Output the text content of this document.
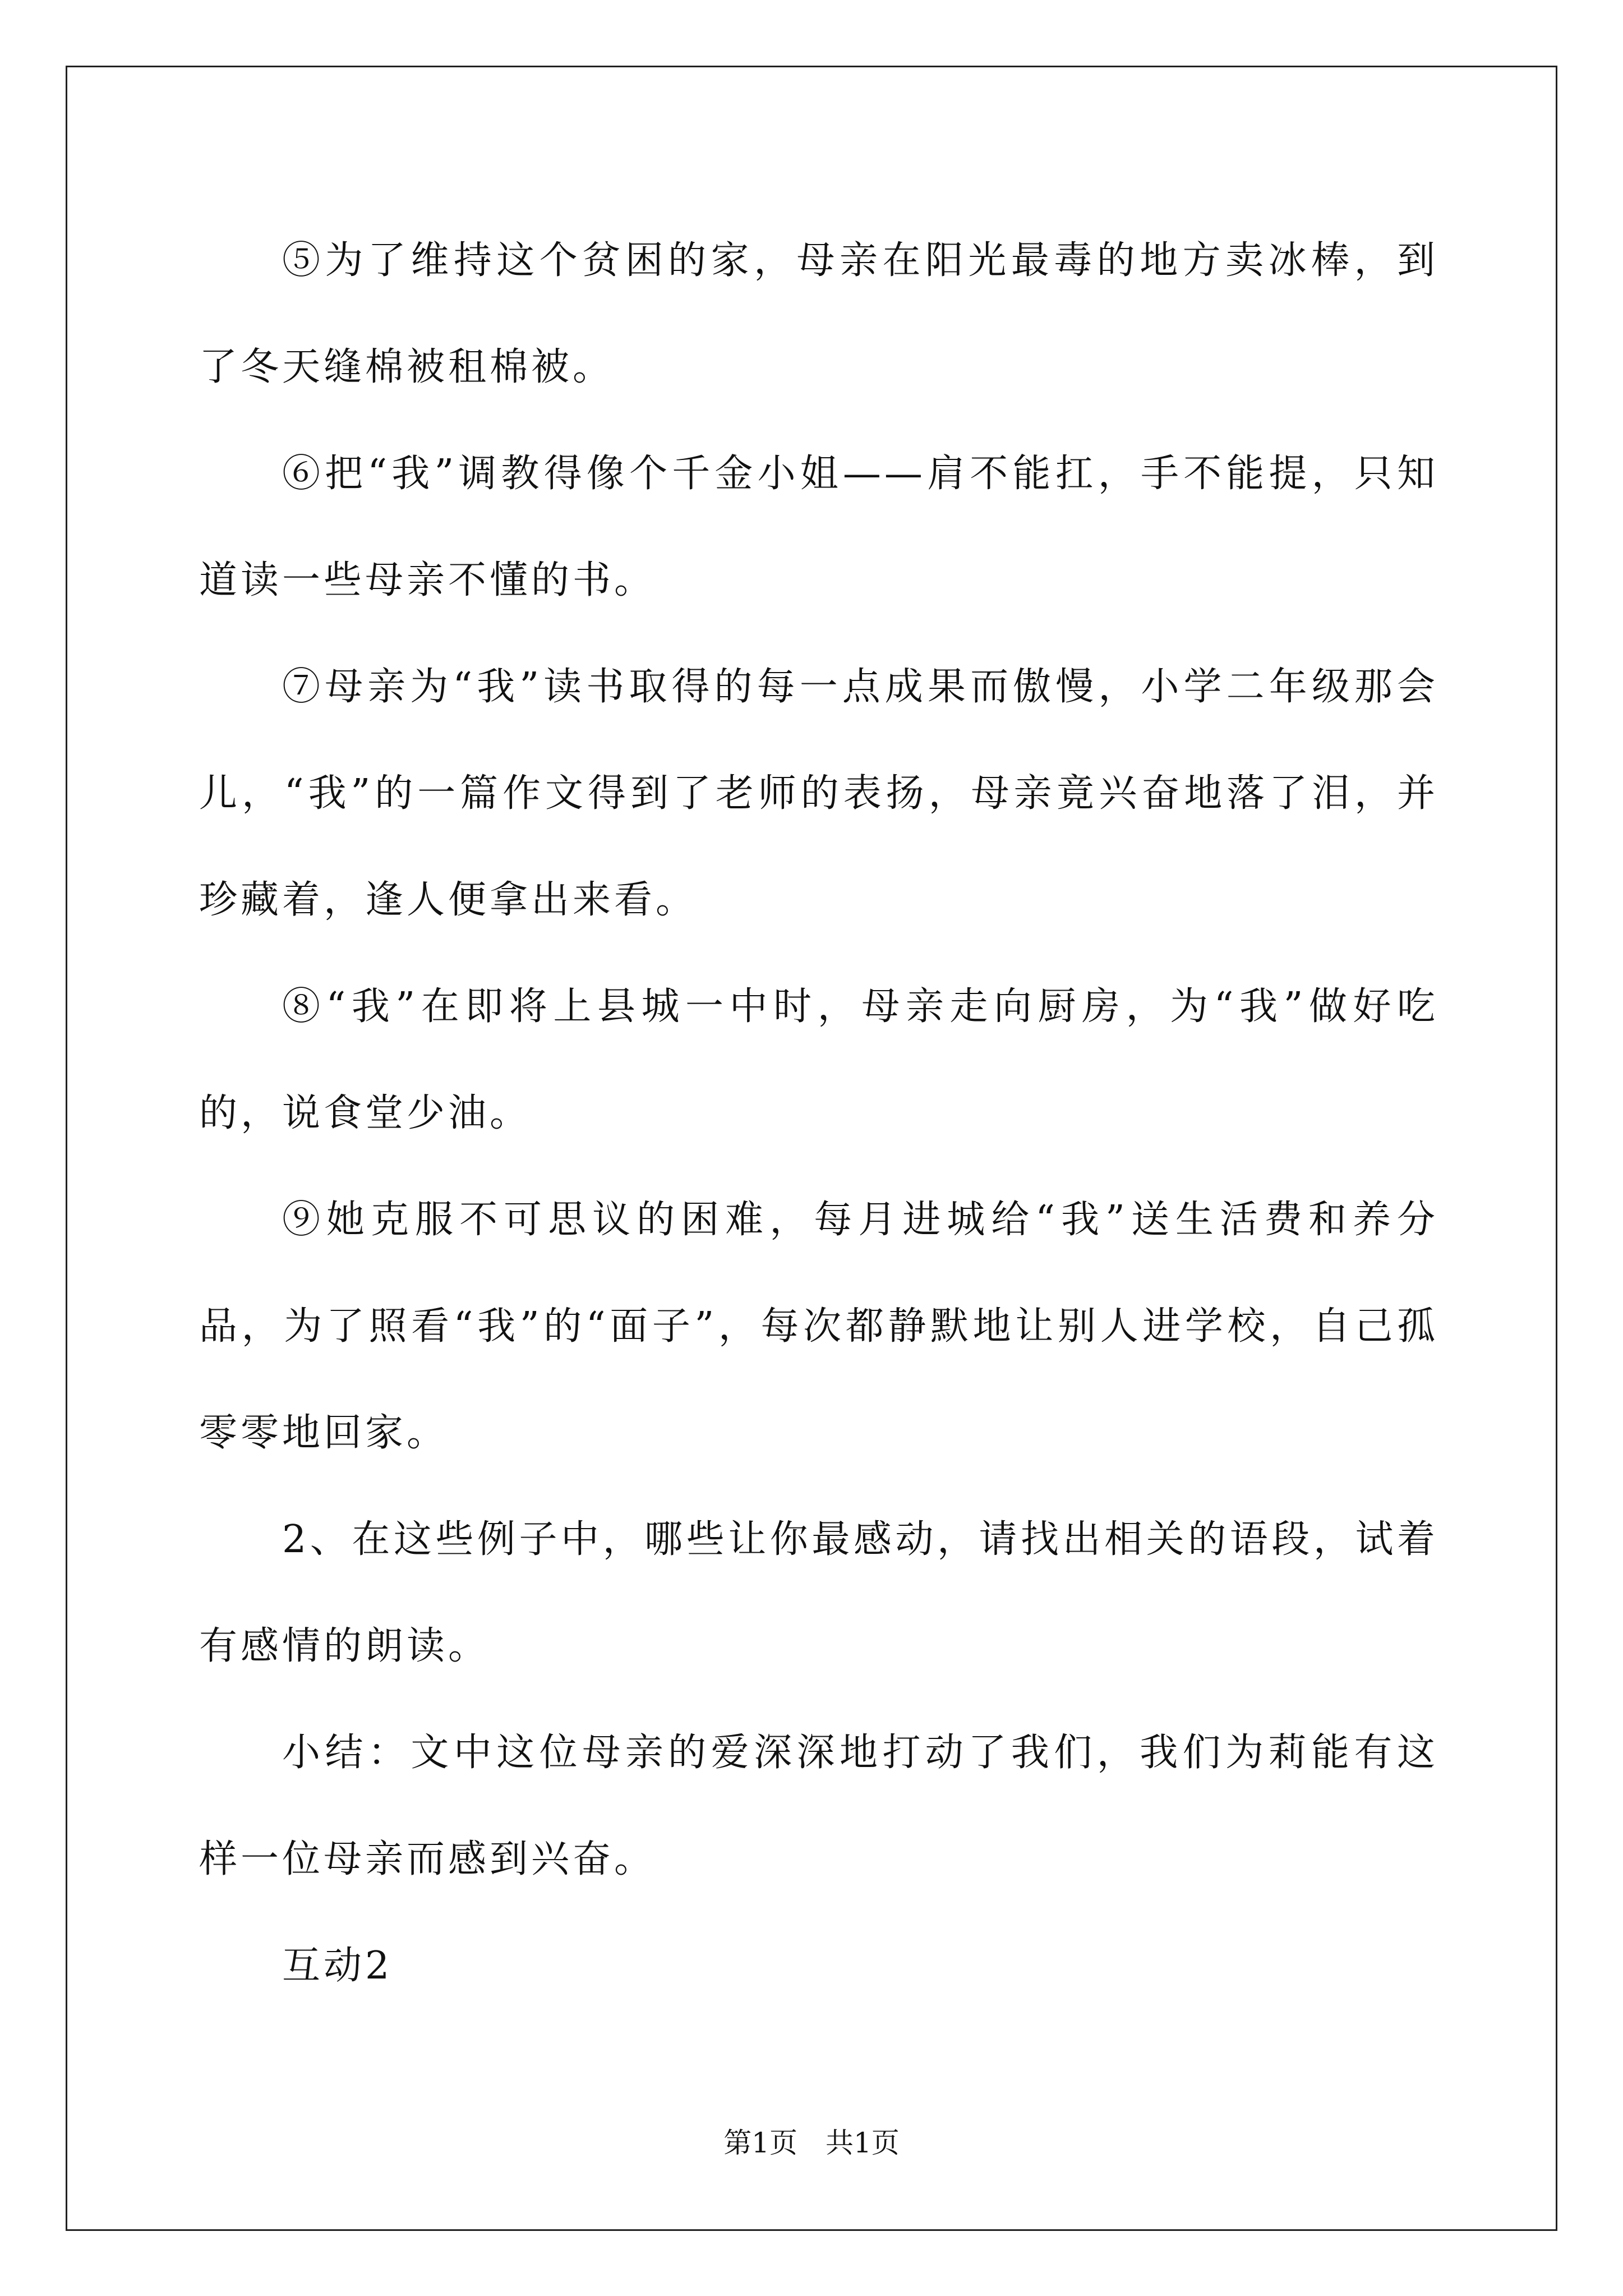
⑤为了维持这个贫困的家，母亲在阳光最毒的地方卖冰棒，到了冬天缝棉被租棉被。

⑥把“我”调教得像个千金小姐——肩不能扛，手不能提，只知道读一些母亲不懂的书。

⑦母亲为“我”读书取得的每一点成果而傲慢，小学二年级那会儿，“我”的一篇作文得到了老师的表扬，母亲竟兴奋地落了泪，并珍藏着，逢人便拿出来看。

⑧“我”在即将上县城一中时，母亲走向厨房，为“我”做好吃的，说食堂少油。

⑨她克服不可思议的困难，每月进城给“我”送生活费和养分品，为了照看“我”的“面子”，每次都静默地让别人进学校，自己孤零零地回家。

2、在这些例子中，哪些让你最感动，请找出相关的语段，试着有感情的朗读。

小结：文中这位母亲的爱深深地打动了我们，我们为莉能有这样一位母亲而感到兴奋。

互动2

第1页　共1页
